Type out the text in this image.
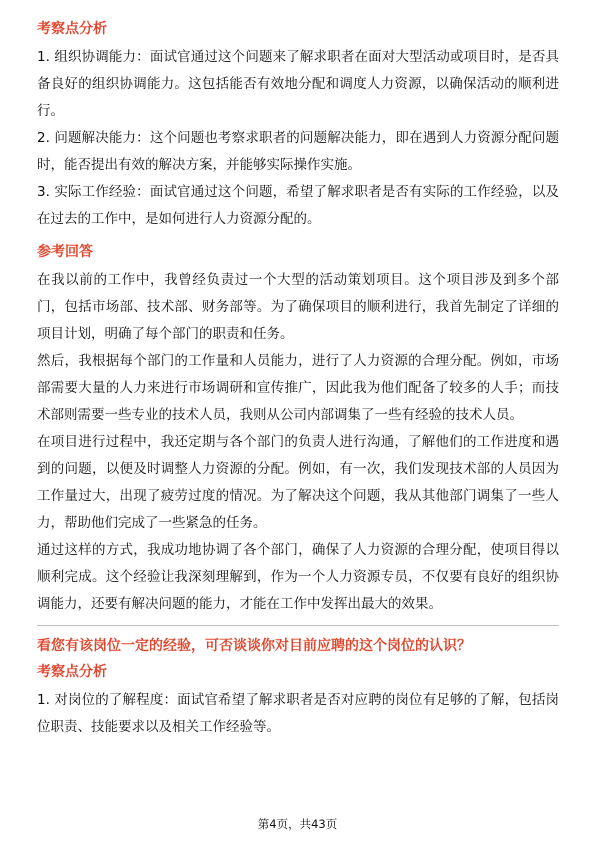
考察点分析

1. 组织协调能力：面试官通过这个问题来了解求职者在面对大型活动或项目时，是否具备良好的组织协调能力。这包括能否有效地分配和调度人力资源，以确保活动的顺利进行。

2. 问题解决能力：这个问题也考察求职者的问题解决能力，即在遇到人力资源分配问题时，能否提出有效的解决方案，并能够实际操作实施。

3. 实际工作经验：面试官通过这个问题，希望了解求职者是否有实际的工作经验，以及在过去的工作中，是如何进行人力资源分配的。

参考回答

在我以前的工作中，我曾经负责过一个大型的活动策划项目。这个项目涉及到多个部门，包括市场部、技术部、财务部等。为了确保项目的顺利进行，我首先制定了详细的项目计划，明确了每个部门的职责和任务。

然后，我根据每个部门的工作量和人员能力，进行了人力资源的合理分配。例如，市场部需要大量的人力来进行市场调研和宣传推广，因此我为他们配备了较多的人手；而技术部则需要一些专业的技术人员，我则从公司内部调集了一些有经验的技术人员。

在项目进行过程中，我还定期与各个部门的负责人进行沟通，了解他们的工作进度和遇到的问题，以便及时调整人力资源的分配。例如，有一次，我们发现技术部的人员因为工作量过大，出现了疲劳过度的情况。为了解决这个问题，我从其他部门调集了一些人力，帮助他们完成了一些紧急的任务。

通过这样的方式，我成功地协调了各个部门，确保了人力资源的合理分配，使项目得以顺利完成。这个经验让我深刻理解到，作为一个人力资源专员，不仅要有良好的组织协调能力，还要有解决问题的能力，才能在工作中发挥出最大的效果。

看您有该岗位一定的经验，可否谈谈你对目前应聘的这个岗位的认识？
考察点分析

1. 对岗位的了解程度：面试官希望了解求职者是否对应聘的岗位有足够的了解，包括岗位职责、技能要求以及相关工作经验等。

第4页，共43页
